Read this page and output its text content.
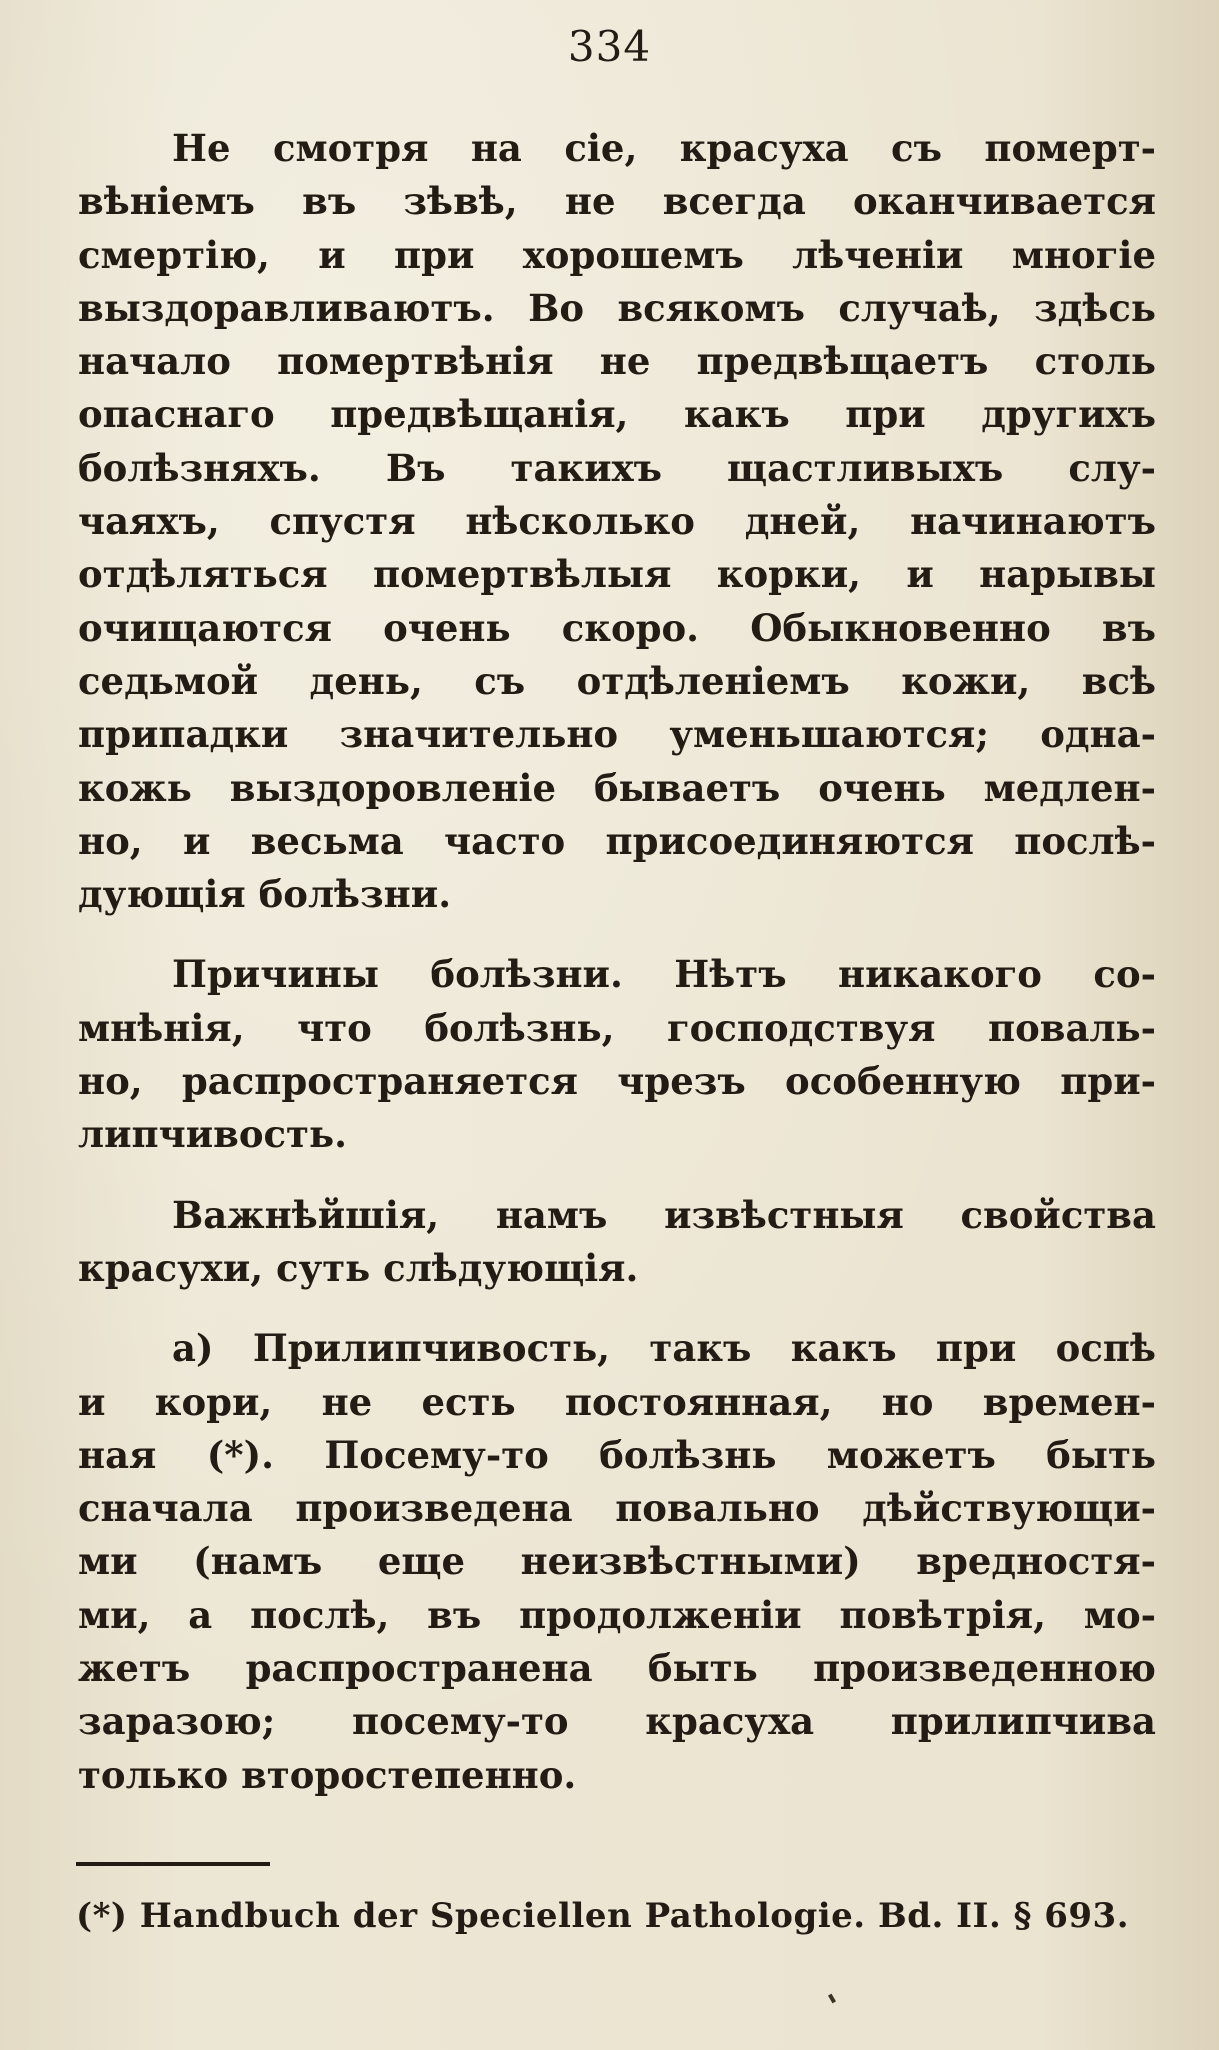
334
Не смотря на сіе, красуха съ померт-
вѣніемъ въ зѣвѣ, не всегда оканчивается
смертію, и при хорошемъ лѣченіи многіе
выздоравливаютъ. Во всякомъ случаѣ, здѣсь
начало помертвѣнія не предвѣщаетъ столь
опаснаго предвѣщанія, какъ при другихъ
болѣзняхъ. Въ такихъ щастливыхъ слу-
чаяхъ, спустя нѣсколько дней, начинаютъ
отдѣляться помертвѣлыя корки, и нарывы
очищаются очень скоро. Обыкновенно въ
седьмой день, съ отдѣленіемъ кожи, всѣ
припадки значительно уменьшаются; одна-
кожь выздоровленіе бываетъ очень медлен-
но, и весьма часто присоединяются послѣ-
дующія болѣзни.
Причины болѣзни. Нѣтъ никакого со-
мнѣнія, что болѣзнь, господствуя поваль-
но, распространяется чрезъ особенную при-
липчивость.
Важнѣйшія, намъ извѣстныя свойства
красухи, суть слѣдующія.
а) Прилипчивость, такъ какъ при оспѣ
и кори, не есть постоянная, но времен-
ная (*). Посему-то болѣзнь можетъ быть
сначала произведена повально дѣйствующи-
ми (намъ еще неизвѣстными) вредностя-
ми, а послѣ, въ продолженіи повѣтрія, мо-
жетъ распространена быть произведенною
заразою; посему-то красуха прилипчива
только второстепенно.
(*) Handbuch der Speciellen Pathologie. Bd. II. § 693.
